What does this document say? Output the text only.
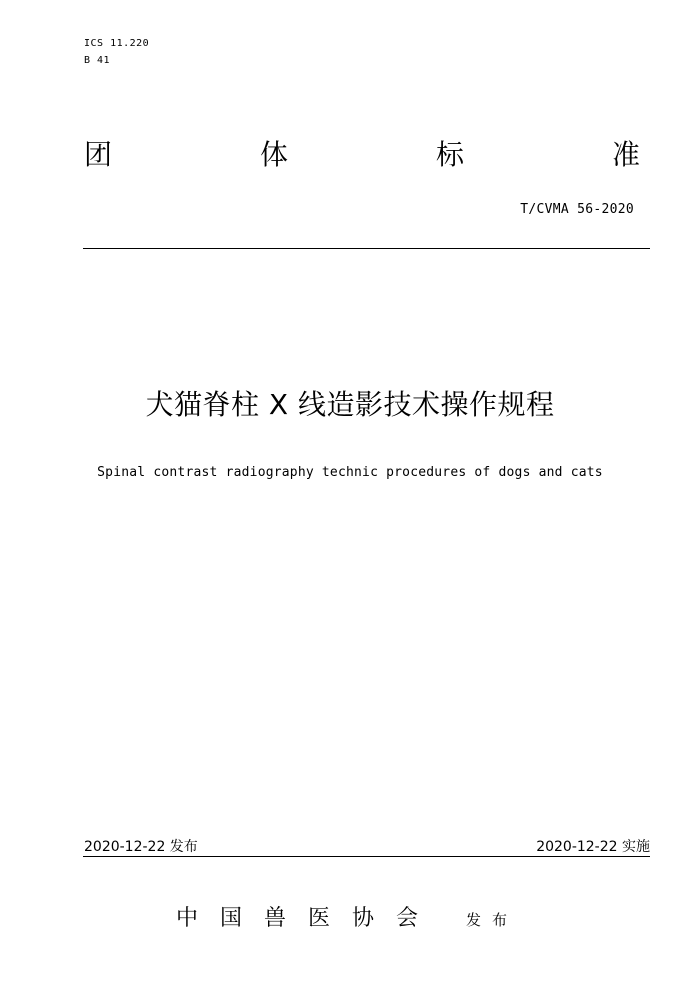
ICS 11.220
B 41
团	体	标	准
T/CVMA 56-2020
犬猫脊柱 X 线造影技术操作规程
Spinal contrast radiography technic procedures of dogs and cats
2020-12-22 发布	2020-12-22 实施
中国兽医协会 发布
